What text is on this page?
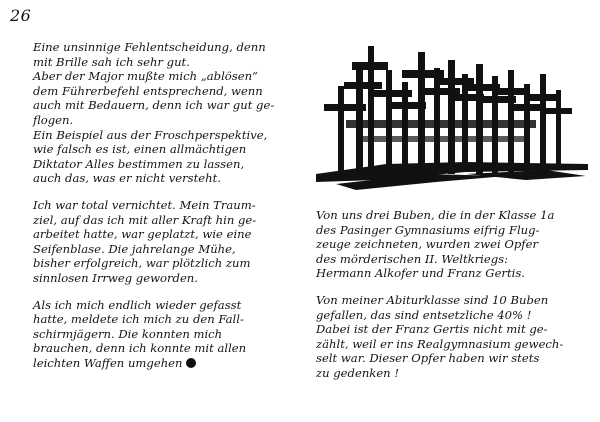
26
Eine unsinnige Fehlentscheidung, denn
mit Brille sah ich sehr gut.
Aber der Major mußte mich „ablösen“
dem Führerbefehl entsprechend, wenn
auch mit Bedauern, denn ich war gut ge-
flogen.
Ein Beispiel aus der Froschperspektive,
wie falsch es ist, einen allmächtigen
Diktator Alles bestimmen zu lassen,
auch das, was er nicht versteht.
Ich war total vernichtet. Mein Traum-
ziel, auf das ich mit aller Kraft hin ge-
arbeitet hatte, war geplatzt, wie eine
Seifenblase. Die jahrelange Mühe,
bisher erfolgreich, war plötzlich zum
sinnlosen Irrweg geworden.
Als ich mich endlich wieder gefasst
hatte, meldete ich mich zu den Fall-
schirmjägern. Die konnten mich
brauchen, denn ich konnte mit allen
leichten Waffen umgehen
Von uns drei Buben, die in der Klasse 1a
des Pasinger Gymnasiums eifrig Flug-
zeuge zeichneten, wurden zwei Opfer
des mörderischen II. Weltkriegs:
Hermann Alkofer und Franz Gertis.
Von meiner Abiturklasse sind 10 Buben
gefallen, das sind entsetzliche 40% !
Dabei ist der Franz Gertis nicht mit ge-
zählt, weil er ins Realgymnasium gewech-
selt war. Dieser Opfer haben wir stets
zu gedenken !
